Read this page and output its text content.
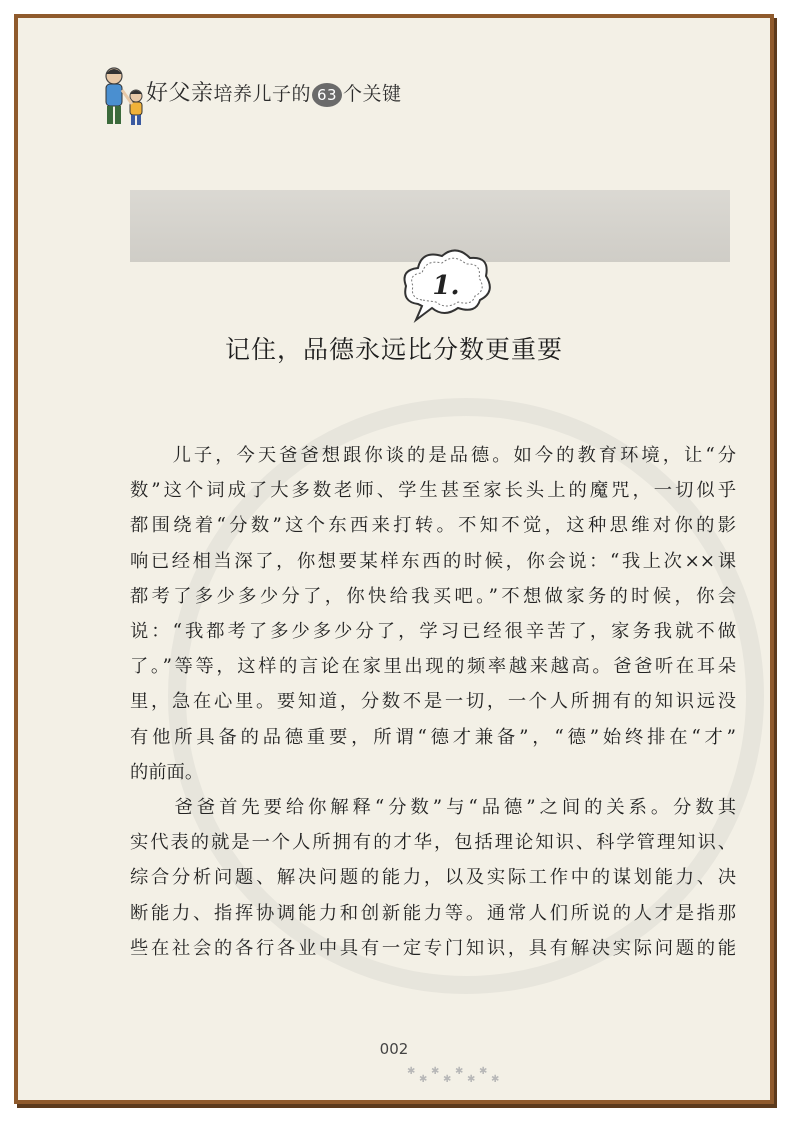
好父亲培养儿子的 63 个关键
1.
记住，品德永远比分数更重要
　　儿子，今天爸爸想跟你谈的是品德。如今的教育环境，让“分
数”这个词成了大多数老师、学生甚至家长头上的魔咒，一切似乎
都围绕着“分数”这个东西来打转。不知不觉，这种思维对你的影
响已经相当深了，你想要某样东西的时候，你会说：“我上次××课
都考了多少多少分了，你快给我买吧。”不想做家务的时候，你会
说：“我都考了多少多少分了，学习已经很辛苦了，家务我就不做
了。”等等，这样的言论在家里出现的频率越来越高。爸爸听在耳朵
里，急在心里。要知道，分数不是一切，一个人所拥有的知识远没
有他所具备的品德重要，所谓“德才兼备”，“德”始终排在“才”
的前面。
　　爸爸首先要给你解释“分数”与“品德”之间的关系。分数其
实代表的就是一个人所拥有的才华，包括理论知识、科学管理知识、
综合分析问题、解决问题的能力，以及实际工作中的谋划能力、决
断能力、指挥协调能力和创新能力等。通常人们所说的人才是指那
些在社会的各行各业中具有一定专门知识，具有解决实际问题的能
002
✱
✱
✱
✱
✱
✱
✱
✱
